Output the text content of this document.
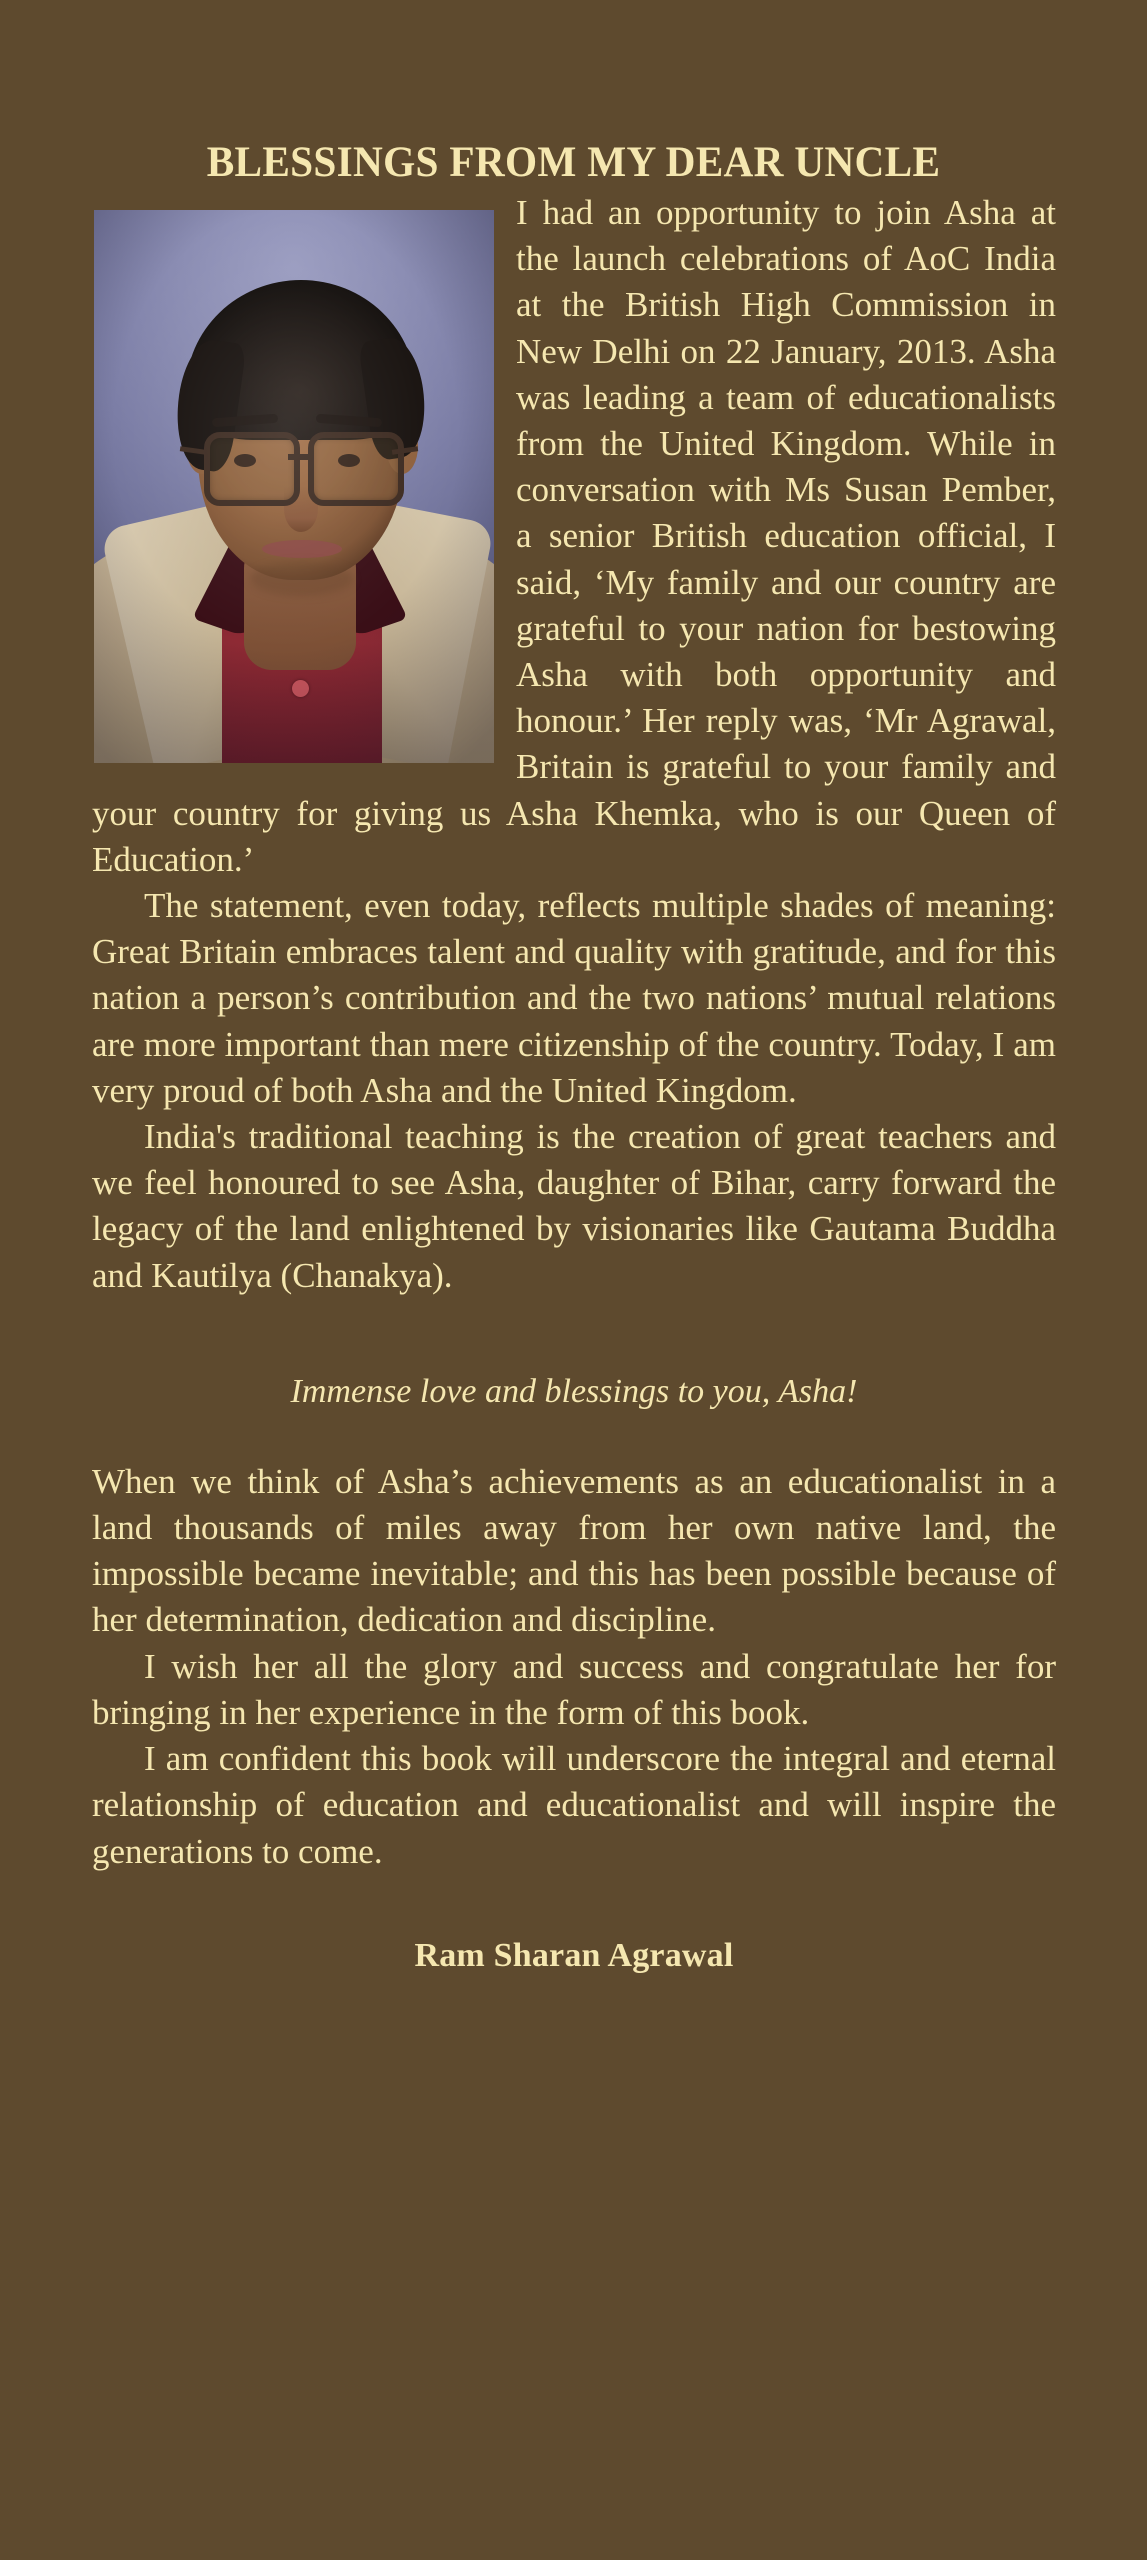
BLESSINGS FROM MY DEAR UNCLE

I had an opportunity to join Asha at the launch celebrations of AoC India at the British High Commission in New Delhi on 22 January, 2013. Asha was leading a team of educationalists from the United Kingdom. While in conversation with Ms Susan Pember, a senior British education official, I said, ‘My family and our country are grateful to your nation for bestowing Asha with both opportunity and honour.’ Her reply was, ‘Mr Agrawal, Britain is grateful to your family and your country for giving us Asha Khemka, who is our Queen of Education.’

The statement, even today, reflects multiple shades of meaning: Great Britain embraces talent and quality with gratitude, and for this nation a person’s contribution and the two nations’ mutual relations are more important than mere citizenship of the country. Today, I am very proud of both Asha and the United Kingdom.

India's traditional teaching is the creation of great teachers and we feel honoured to see Asha, daughter of Bihar, carry forward the legacy of the land enlightened by visionaries like Gautama Buddha and Kautilya (Chanakya).

Immense love and blessings to you, Asha!

When we think of Asha’s achievements as an educationalist in a land thousands of miles away from her own native land, the impossible became inevitable; and this has been possible because of her determination, dedication and discipline.

I wish her all the glory and success and congratulate her for bringing in her experience in the form of this book.

I am confident this book will underscore the integral and eternal relationship of education and educationalist and will inspire the generations to come.

Ram Sharan Agrawal
